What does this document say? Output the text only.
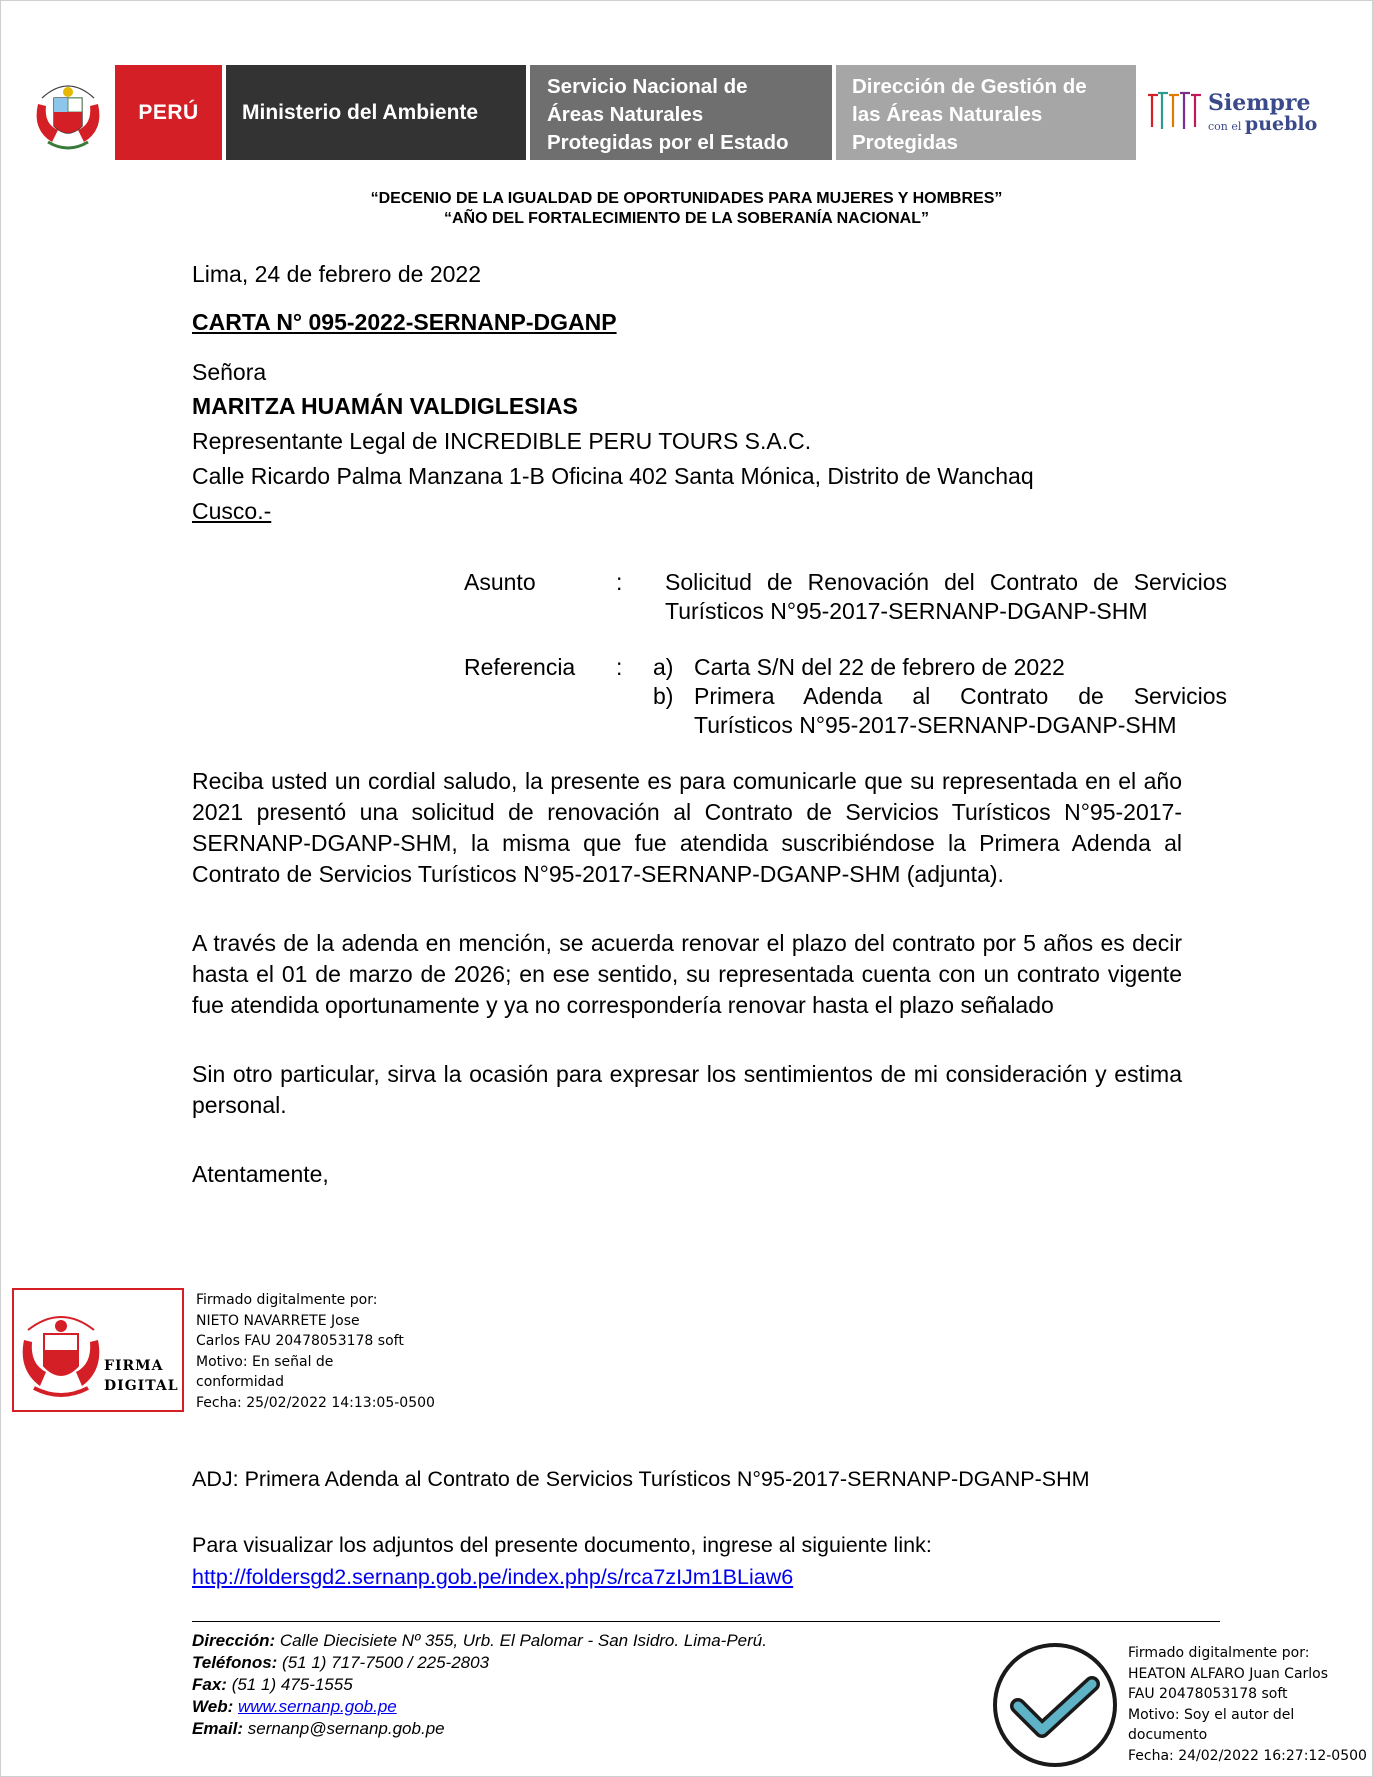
PERÚ	Ministerio del Ambiente
Servicio Nacional de
Áreas Naturales
Protegidas por el Estado
Dirección de Gestión de
las Áreas Naturales
Protegidas
Siempre
con el pueblo
“DECENIO DE LA IGUALDAD DE OPORTUNIDADES PARA MUJERES Y HOMBRES”
“AÑO DEL FORTALECIMIENTO DE LA SOBERANÍA NACIONAL”
Lima, 24 de febrero de 2022
CARTA N° 095-2022-SERNANP-DGANP
Señora
MARITZA HUAMÁN VALDIGLESIAS
Representante Legal de INCREDIBLE PERU TOURS S.A.C.
Calle Ricardo Palma Manzana 1-B Oficina 402 Santa Mónica, Distrito de Wanchaq
Cusco.-
Asunto	: Solicitud de Renovación del Contrato de Servicios
Turísticos N°95-2017-SERNANP-DGANP-SHM
Referencia : a) Carta S/N del 22 de febrero de 2022
b) Primera Adenda al Contrato de Servicios
Turísticos N°95-2017-SERNANP-DGANP-SHM
Reciba usted un cordial saludo, la presente es para comunicarle que su representada en el año 2021 presentó una solicitud de renovación al Contrato de Servicios Turísticos N°95-2017-SERNANP-DGANP-SHM, la misma que fue atendida suscribiéndose la Primera Adenda al Contrato de Servicios Turísticos N°95-2017-SERNANP-DGANP-SHM (adjunta).
A través de la adenda en mención, se acuerda renovar el plazo del contrato por 5 años es decir hasta el 01 de marzo de 2026; en ese sentido, su representada cuenta con un contrato vigente fue atendida oportunamente y ya no correspondería renovar hasta el plazo señalado
Sin otro particular, sirva la ocasión para expresar los sentimientos de mi consideración y estima personal.
Atentamente,
FIRMA
DIGITAL
Firmado digitalmente por:
NIETO NAVARRETE Jose
Carlos FAU 20478053178 soft
Motivo: En señal de
conformidad
Fecha: 25/02/2022 14:13:05-0500
ADJ: Primera Adenda al Contrato de Servicios Turísticos N°95-2017-SERNANP-DGANP-SHM
Para visualizar los adjuntos del presente documento, ingrese al siguiente link:
http://foldersgd2.sernanp.gob.pe/index.php/s/rca7zIJm1BLiaw6
Dirección: Calle Diecisiete Nº 355, Urb. El Palomar - San Isidro. Lima-Perú.
Teléfonos: (51 1) 717-7500 / 225-2803
Fax: (51 1) 475-1555
Web: www.sernanp.gob.pe
Email: sernanp@sernanp.gob.pe
Firmado digitalmente por:
HEATON ALFARO Juan Carlos
FAU 20478053178 soft
Motivo: Soy el autor del
documento
Fecha: 24/02/2022 16:27:12-0500
